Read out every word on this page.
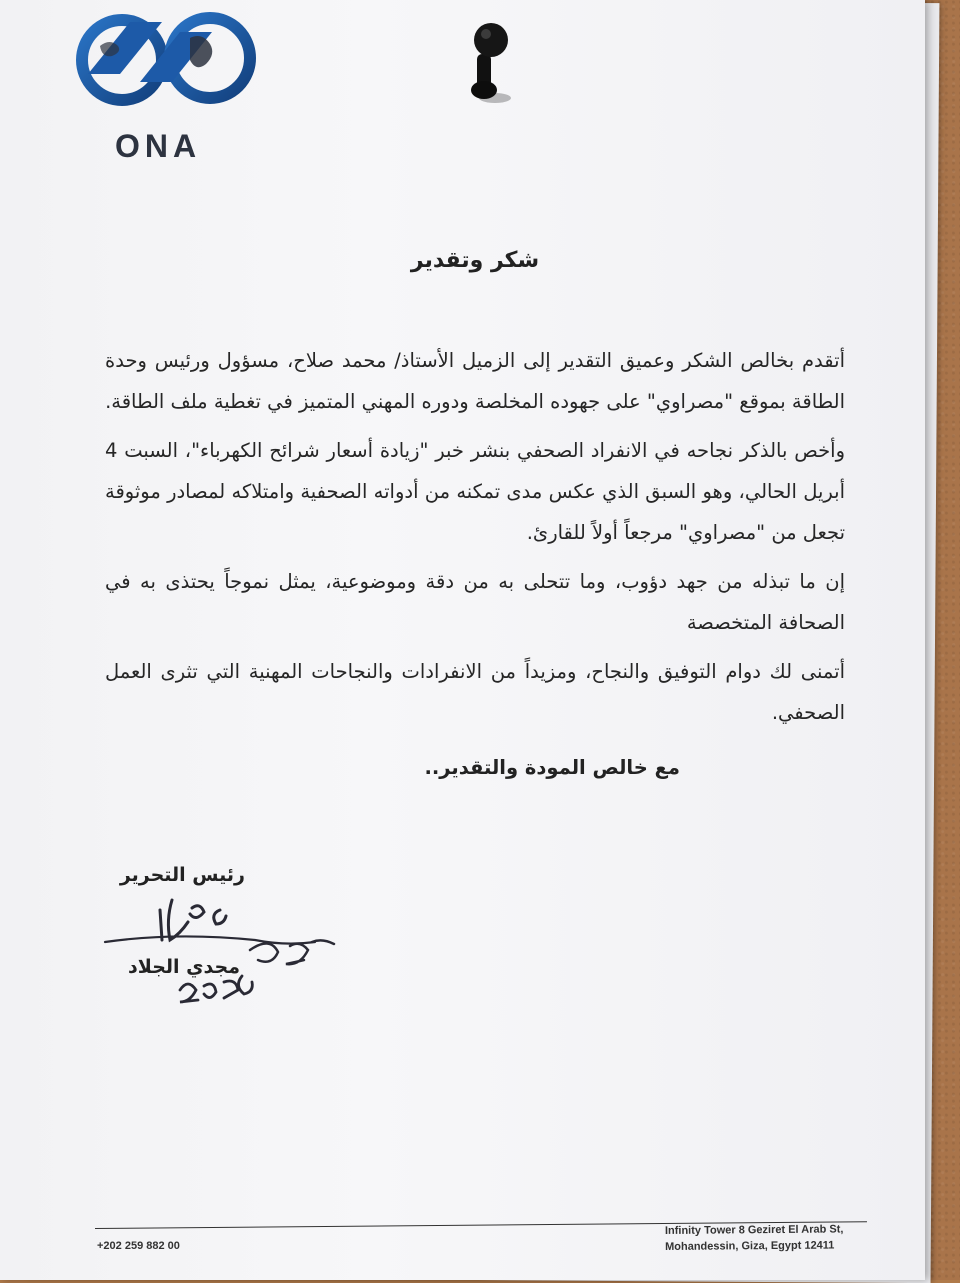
ONA
شكر وتقدير

أتقدم بخالص الشكر وعميق التقدير إلى الزميل الأستاذ/ محمد صلاح، مسؤول ورئيس وحدة الطاقة بموقع "مصراوي" على جهوده المخلصة ودوره المهني المتميز في تغطية ملف الطاقة.

وأخص بالذكر نجاحه في الانفراد الصحفي بنشر خبر "زيادة أسعار شرائح الكهرباء"، السبت 4 أبريل الحالي، وهو السبق الذي عكس مدى تمكنه من أدواته الصحفية وامتلاكه لمصادر موثوقة تجعل من "مصراوي" مرجعاً أولاً للقارئ.

إن ما تبذله من جهد دؤوب، وما تتحلى به من دقة وموضوعية، يمثل نموجاً يحتذى به في الصحافة المتخصصة

أتمنى لك دوام التوفيق والنجاح، ومزيداً من الانفرادات والنجاحات المهنية التي تثرى العمل الصحفي.

مع خالص المودة والتقدير..
رئيس التحرير
مجدي الجلاد
+202 259 882 00
Infinity Tower 8 Geziret El Arab St,
Mohandessin, Giza, Egypt 12411
